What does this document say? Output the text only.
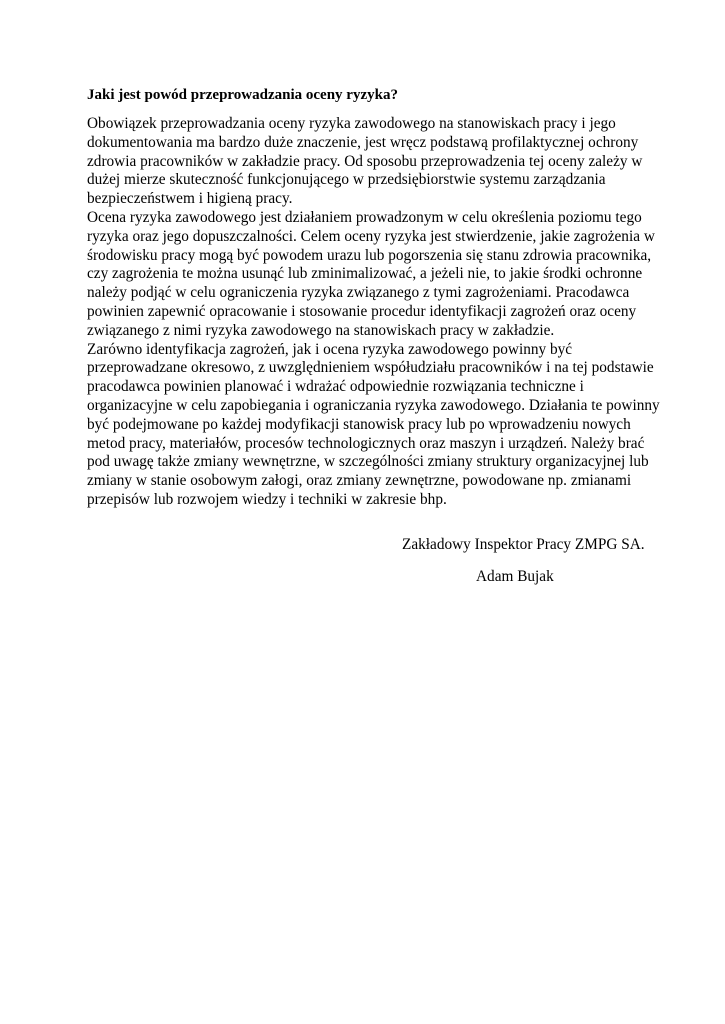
Jaki jest powód przeprowadzania oceny ryzyka?

Obowiązek przeprowadzania oceny ryzyka zawodowego na stanowiskach pracy i jego
dokumentowania ma bardzo duże znaczenie, jest wręcz podstawą profilaktycznej ochrony
zdrowia pracowników w zakładzie pracy. Od sposobu przeprowadzenia tej oceny zależy w
dużej mierze skuteczność funkcjonującego w przedsiębiorstwie systemu zarządzania
bezpieczeństwem i higieną pracy.
Ocena ryzyka zawodowego jest działaniem prowadzonym w celu określenia poziomu tego
ryzyka oraz jego dopuszczalności. Celem oceny ryzyka jest stwierdzenie, jakie zagrożenia w
środowisku pracy mogą być powodem urazu lub pogorszenia się stanu zdrowia pracownika,
czy zagrożenia te można usunąć lub zminimalizować, a jeżeli nie, to jakie środki ochronne
należy podjąć w celu ograniczenia ryzyka związanego z tymi zagrożeniami. Pracodawca
powinien zapewnić opracowanie i stosowanie procedur identyfikacji zagrożeń oraz oceny
związanego z nimi ryzyka zawodowego na stanowiskach pracy w zakładzie.
Zarówno identyfikacja zagrożeń, jak i ocena ryzyka zawodowego powinny być
przeprowadzane okresowo, z uwzględnieniem współudziału pracowników i na tej podstawie
pracodawca powinien planować i wdrażać odpowiednie rozwiązania techniczne i
organizacyjne w celu zapobiegania i ograniczania ryzyka zawodowego. Działania te powinny
być podejmowane po każdej modyfikacji stanowisk pracy lub po wprowadzeniu nowych
metod pracy, materiałów, procesów technologicznych oraz maszyn i urządzeń. Należy brać
pod uwagę także zmiany wewnętrzne, w szczególności zmiany struktury organizacyjnej lub
zmiany w stanie osobowym załogi, oraz zmiany zewnętrzne, powodowane np. zmianami
przepisów lub rozwojem wiedzy i techniki w zakresie bhp.

Zakładowy Inspektor Pracy ZMPG SA.
Adam Bujak
